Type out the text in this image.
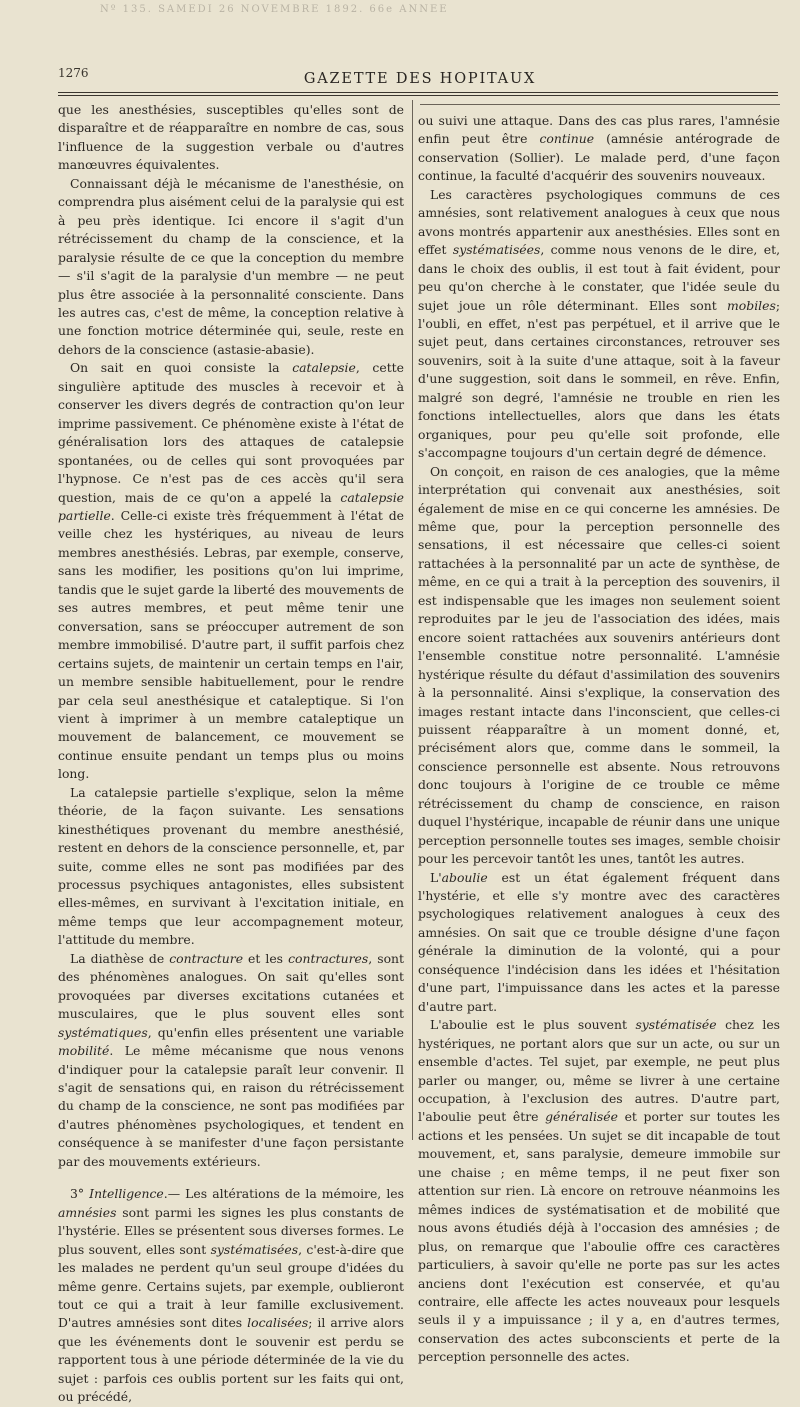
Nº 135. SAMEDI 26 NOVEMBRE 1892. 66e ANNÉE
1276	GAZETTE DES HOPITAUX

que les anesthésies, susceptibles qu'elles sont de disparaître et de réapparaître en nombre de cas, sous l'influence de la suggestion verbale ou d'autres manœuvres équivalentes.

Connaissant déjà le mécanisme de l'anesthésie, on comprendra plus aisément celui de la paralysie qui est à peu près identique. Ici encore il s'agit d'un rétrécissement du champ de la conscience, et la paralysie résulte de ce que la conception du membre — s'il s'agit de la paralysie d'un membre — ne peut plus être associée à la personnalité consciente. Dans les autres cas, c'est de même, la conception relative à une fonction motrice déterminée qui, seule, reste en dehors de la conscience (astasie-abasie).

On sait en quoi consiste la catalepsie, cette singulière aptitude des muscles à recevoir et à conserver les divers degrés de contraction qu'on leur imprime passivement. Ce phénomène existe à l'état de généralisation lors des attaques de catalepsie spontanées, ou de celles qui sont provoquées par l'hypnose. Ce n'est pas de ces accès qu'il sera question, mais de ce qu'on a appelé la catalepsie partielle. Celle-ci existe très fréquemment à l'état de veille chez les hystériques, au niveau de leurs membres anesthésiés. Lebras, par exemple, conserve, sans les modifier, les positions qu'on lui imprime, tandis que le sujet garde la liberté des mouvements de ses autres membres, et peut même tenir une conversation, sans se préoccuper autrement de son membre immobilisé. D'autre part, il suffit parfois chez certains sujets, de maintenir un certain temps en l'air, un membre sensible habituellement, pour le rendre par cela seul anesthésique et cataleptique. Si l'on vient à imprimer à un membre cataleptique un mouvement de balancement, ce mouvement se continue ensuite pendant un temps plus ou moins long.

La catalepsie partielle s'explique, selon la même théorie, de la façon suivante. Les sensations kinesthétiques provenant du membre anesthésié, restent en dehors de la conscience personnelle, et, par suite, comme elles ne sont pas modifiées par des processus psychiques antagonistes, elles subsistent elles-mêmes, en survivant à l'excitation initiale, en même temps que leur accompagnement moteur, l'attitude du membre.

La diathèse de contracture et les contractures, sont des phénomènes analogues. On sait qu'elles sont provoquées par diverses excitations cutanées et musculaires, que le plus souvent elles sont systématiques, qu'enfin elles présentent une variable mobilité. Le même mécanisme que nous venons d'indiquer pour la catalepsie paraît leur convenir. Il s'agit de sensations qui, en raison du rétrécissement du champ de la conscience, ne sont pas modifiées par d'autres phénomènes psychologiques, et tendent en conséquence à se manifester d'une façon persistante par des mouvements extérieurs.

3° Intelligence.— Les altérations de la mémoire, les amnésies sont parmi les signes les plus constants de l'hystérie. Elles se présentent sous diverses formes. Le plus souvent, elles sont systématisées, c'est-à-dire que les malades ne perdent qu'un seul groupe d'idées du même genre. Certains sujets, par exemple, oublieront tout ce qui a trait à leur famille exclusivement. D'autres amnésies sont dites localisées; il arrive alors que les événements dont le souvenir est perdu se rapportent tous à une période déterminée de la vie du sujet : parfois ces oublis portent sur les faits qui ont, ou précédé,

ou suivi une attaque. Dans des cas plus rares, l'amnésie enfin peut être continue (amnésie antérograde de conservation (Sollier). Le malade perd, d'une façon continue, la faculté d'acquérir des souvenirs nouveaux.

Les caractères psychologiques communs de ces amnésies, sont relativement analogues à ceux que nous avons montrés appartenir aux anesthésies. Elles sont en effet systématisées, comme nous venons de le dire, et, dans le choix des oublis, il est tout à fait évident, pour peu qu'on cherche à le constater, que l'idée seule du sujet joue un rôle déterminant. Elles sont mobiles; l'oubli, en effet, n'est pas perpétuel, et il arrive que le sujet peut, dans certaines circonstances, retrouver ses souvenirs, soit à la suite d'une attaque, soit à la faveur d'une suggestion, soit dans le sommeil, en rêve. Enfin, malgré son degré, l'amnésie ne trouble en rien les fonctions intellectuelles, alors que dans les états organiques, pour peu qu'elle soit profonde, elle s'accompagne toujours d'un certain degré de démence.

On conçoit, en raison de ces analogies, que la même interprétation qui convenait aux anesthésies, soit également de mise en ce qui concerne les amnésies. De même que, pour la perception personnelle des sensations, il est nécessaire que celles-ci soient rattachées à la personnalité par un acte de synthèse, de même, en ce qui a trait à la perception des souvenirs, il est indispensable que les images non seulement soient reproduites par le jeu de l'association des idées, mais encore soient rattachées aux souvenirs antérieurs dont l'ensemble constitue notre personnalité. L'amnésie hystérique résulte du défaut d'assimilation des souvenirs à la personnalité. Ainsi s'explique, la conservation des images restant intacte dans l'inconscient, que celles-ci puissent réapparaître à un moment donné, et, précisément alors que, comme dans le sommeil, la conscience personnelle est absente. Nous retrouvons donc toujours à l'origine de ce trouble ce même rétrécissement du champ de conscience, en raison duquel l'hystérique, incapable de réunir dans une unique perception personnelle toutes ses images, semble choisir pour les percevoir tantôt les unes, tantôt les autres.

L'aboulie est un état également fréquent dans l'hystérie, et elle s'y montre avec des caractères psychologiques relativement analogues à ceux des amnésies. On sait que ce trouble désigne d'une façon générale la diminution de la volonté, qui a pour conséquence l'indécision dans les idées et l'hésitation d'une part, l'impuissance dans les actes et la paresse d'autre part.

L'aboulie est le plus souvent systématisée chez les hystériques, ne portant alors que sur un acte, ou sur un ensemble d'actes. Tel sujet, par exemple, ne peut plus parler ou manger, ou, même se livrer à une certaine occupation, à l'exclusion des autres. D'autre part, l'aboulie peut être généralisée et porter sur toutes les actions et les pensées. Un sujet se dit incapable de tout mouvement, et, sans paralysie, demeure immobile sur une chaise ; en même temps, il ne peut fixer son attention sur rien. Là encore on retrouve néanmoins les mêmes indices de systématisation et de mobilité que nous avons étudiés déjà à l'occasion des amnésies ; de plus, on remarque que l'aboulie offre ces caractères particuliers, à savoir qu'elle ne porte pas sur les actes anciens dont l'exécution est conservée, et qu'au contraire, elle affecte les actes nouveaux pour lesquels seuls il y a impuissance ; il y a, en d'autres termes, conservation des actes subconscients et perte de la perception personnelle des actes.
